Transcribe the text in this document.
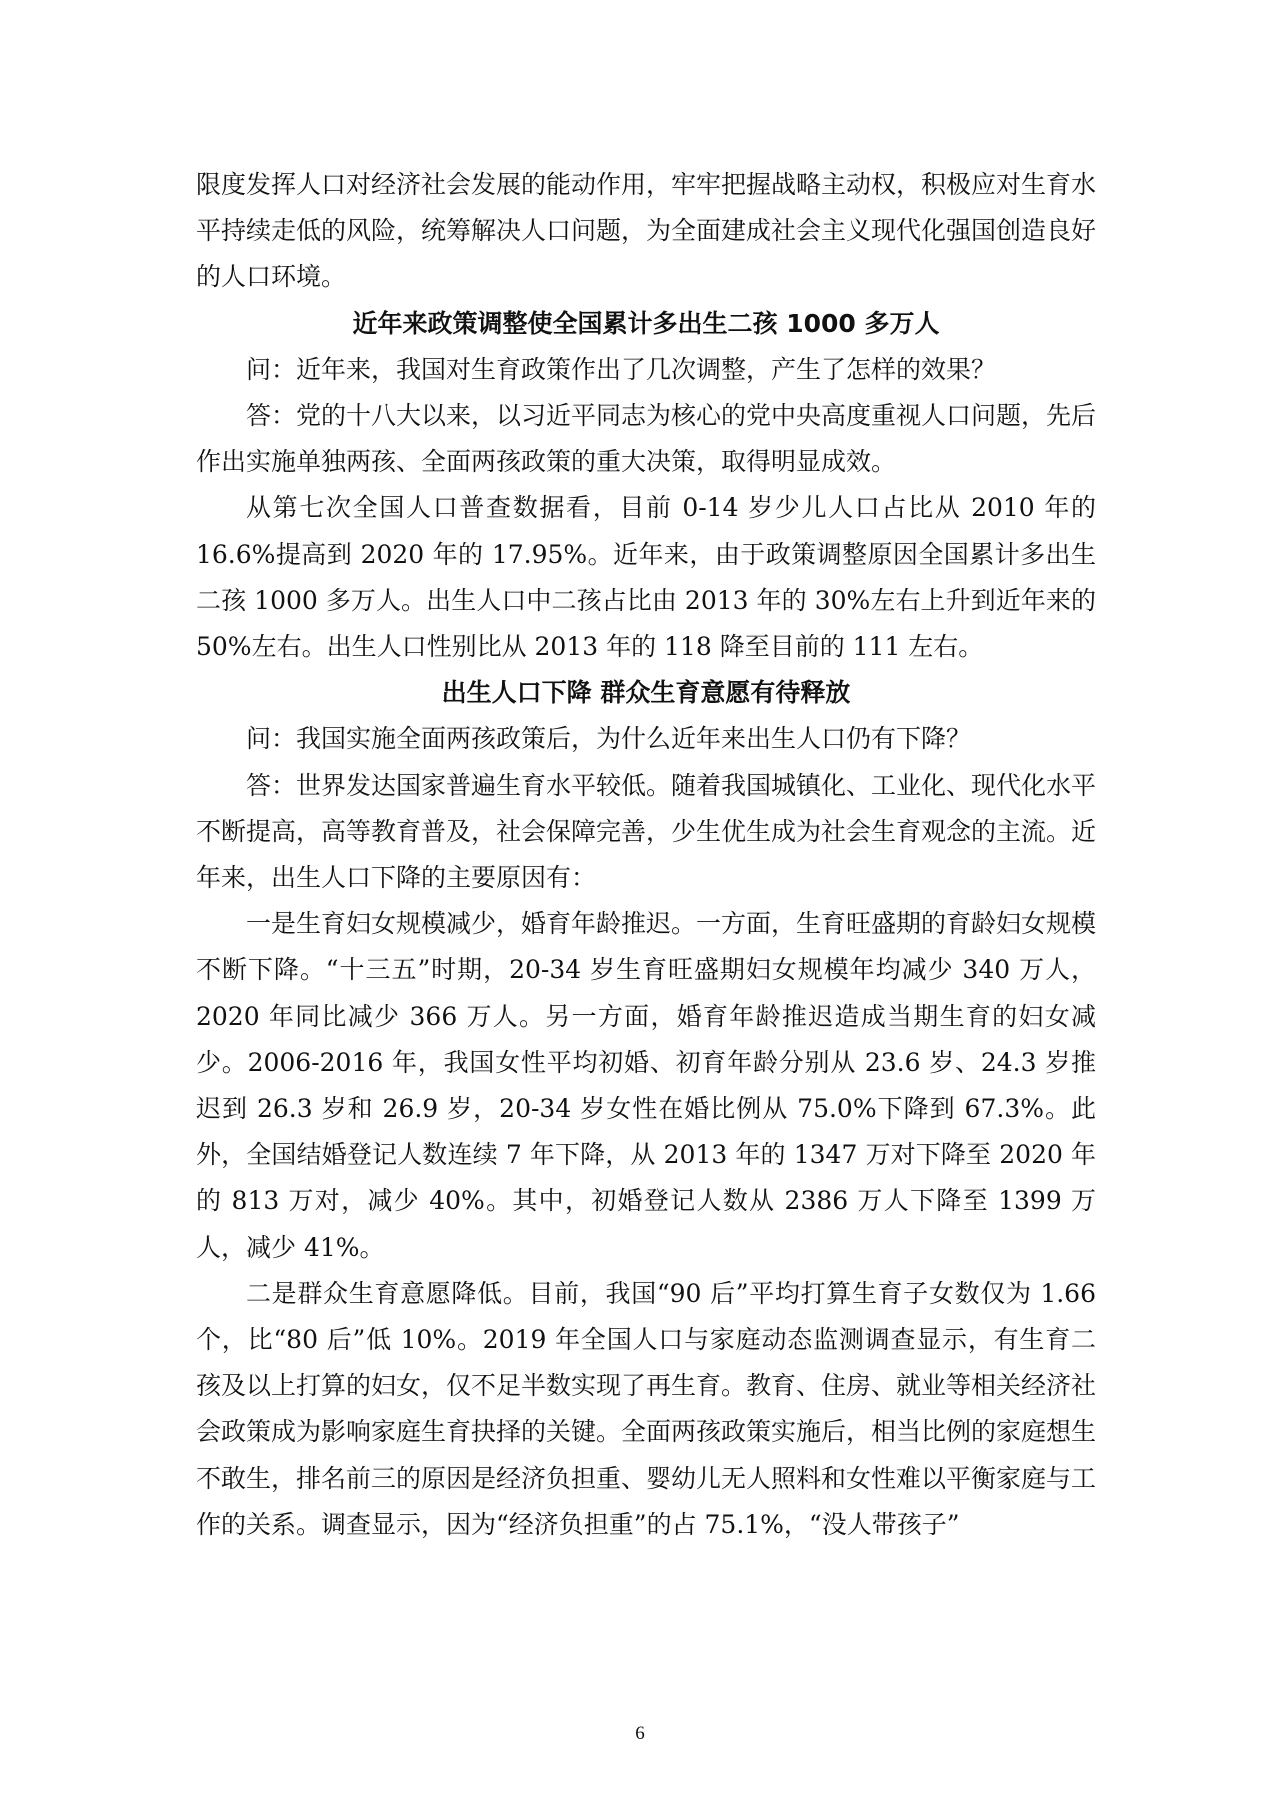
限度发挥人口对经济社会发展的能动作用，牢牢把握战略主动权，积极应对生育水平持续走低的风险，统筹解决人口问题，为全面建成社会主义现代化强国创造良好的人口环境。

近年来政策调整使全国累计多出生二孩 1000 多万人

问：近年来，我国对生育政策作出了几次调整，产生了怎样的效果？

答：党的十八大以来，以习近平同志为核心的党中央高度重视人口问题，先后作出实施单独两孩、全面两孩政策的重大决策，取得明显成效。

从第七次全国人口普查数据看，目前 0-14 岁少儿人口占比从 2010 年的 16.6%提高到 2020 年的 17.95%。近年来，由于政策调整原因全国累计多出生二孩 1000 多万人。出生人口中二孩占比由 2013 年的 30%左右上升到近年来的 50%左右。出生人口性别比从 2013 年的 118 降至目前的 111 左右。

出生人口下降 群众生育意愿有待释放

问：我国实施全面两孩政策后，为什么近年来出生人口仍有下降？

答：世界发达国家普遍生育水平较低。随着我国城镇化、工业化、现代化水平不断提高，高等教育普及，社会保障完善，少生优生成为社会生育观念的主流。近年来，出生人口下降的主要原因有：

一是生育妇女规模减少，婚育年龄推迟。一方面，生育旺盛期的育龄妇女规模不断下降。“十三五”时期，20-34 岁生育旺盛期妇女规模年均减少 340 万人，2020 年同比减少 366 万人。另一方面，婚育年龄推迟造成当期生育的妇女减少。2006-2016 年，我国女性平均初婚、初育年龄分别从 23.6 岁、24.3 岁推迟到 26.3 岁和 26.9 岁，20-34 岁女性在婚比例从 75.0%下降到 67.3%。此外，全国结婚登记人数连续 7 年下降，从 2013 年的 1347 万对下降至 2020 年的 813 万对，减少 40%。其中，初婚登记人数从 2386 万人下降至 1399 万人，减少 41%。

二是群众生育意愿降低。目前，我国“90 后”平均打算生育子女数仅为 1.66 个，比“80 后”低 10%。2019 年全国人口与家庭动态监测调查显示，有生育二孩及以上打算的妇女，仅不足半数实现了再生育。教育、住房、就业等相关经济社会政策成为影响家庭生育抉择的关键。全面两孩政策实施后，相当比例的家庭想生不敢生，排名前三的原因是经济负担重、婴幼儿无人照料和女性难以平衡家庭与工作的关系。调查显示，因为“经济负担重”的占 75.1%，“没人带孩子”

6
